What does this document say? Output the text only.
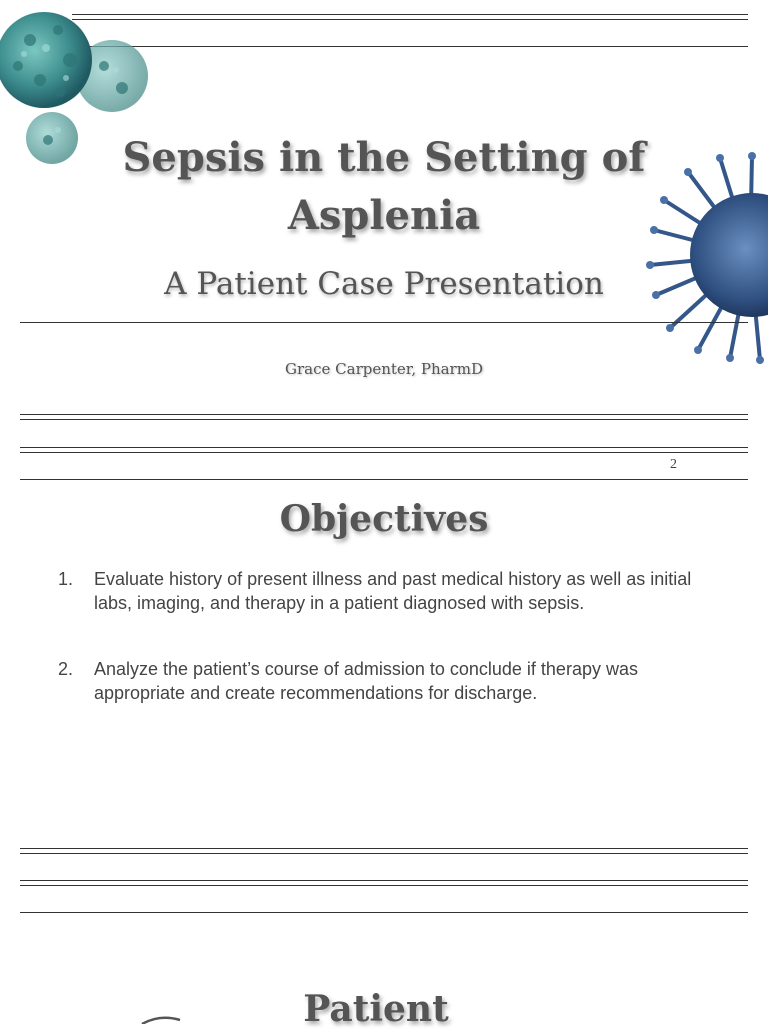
Sepsis in the Setting of
Asplenia
A Patient Case Presentation
Grace Carpenter, PharmD
2
Objectives
1.	Evaluate history of present illness and past medical history as well as initial labs, imaging, and therapy in a patient diagnosed with sepsis.
2.	Analyze the patient’s course of admission to conclude if therapy was appropriate and create recommendations for discharge.
Patient
